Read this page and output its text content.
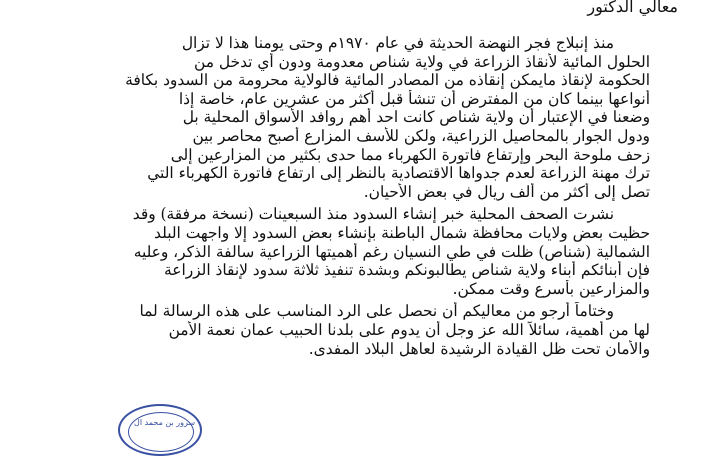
معالي الدكتور
منذ إنبلاج فجر النهضة الحديثة في عام ١٩٧٠م وحتى يومنا هذا لا تزال
الحلول المائية لأنقاذ الزراعة في ولاية شناص معدومة ودون أي تدخل من
الحكومة لإنقاذ مايمكن إنقاذه من المصادر المائية فالولاية محرومة من السدود بكافة
أنواعها بينما كان من المفترض أن تنشأ قبل أكثر من عشرين عام، خاصة إذا
وضعنا في الإعتبار أن ولاية شناص كانت احد أهم روافد الأسواق المحلية بل
ودول الجوار بالمحاصيل الزراعية، ولكن للأسف المزارع أصبح محاصر بين
زحف ملوحة البحر وإرتفاع فاتورة الكهرباء مما حدى بكثير من المزارعين إلى
ترك مهنة الزراعة لعدم جدواها الاقتصادية بالنظر إلى ارتفاع فاتورة الكهرباء التي
تصل إلى أكثر من ألف ريال في بعض الأحيان.
نشرت الصحف المحلية خبر إنشاء السدود منذ السبعينات (نسخة مرفقة) وقد
حظيت بعض ولايات محافظة شمال الباطنة بإنشاء بعض السدود إلا واجهت البلد
الشمالية (شناص) ظلت في طي النسيان رغم أهميتها الزراعية سالفة الذكر، وعليه
فإن أبنائكم أبناء ولاية شناص يطالبونكم وبشدة تنفيذ ثلاثة سدود لإنقاذ الزراعة
والمزارعين بأسرع وقت ممكن.
وختاماً أرجو من معاليكم أن نحصل على الرد المناسب على هذه الرسالة لما
لها من أهمية، سائلاً الله عز وجل أن يدوم على بلدنا الحبيب عمان نعمة الأمن
والأمان تحت ظل القيادة الرشيدة لعاهل البلاد المفدى.
سرور بن محمد ال
